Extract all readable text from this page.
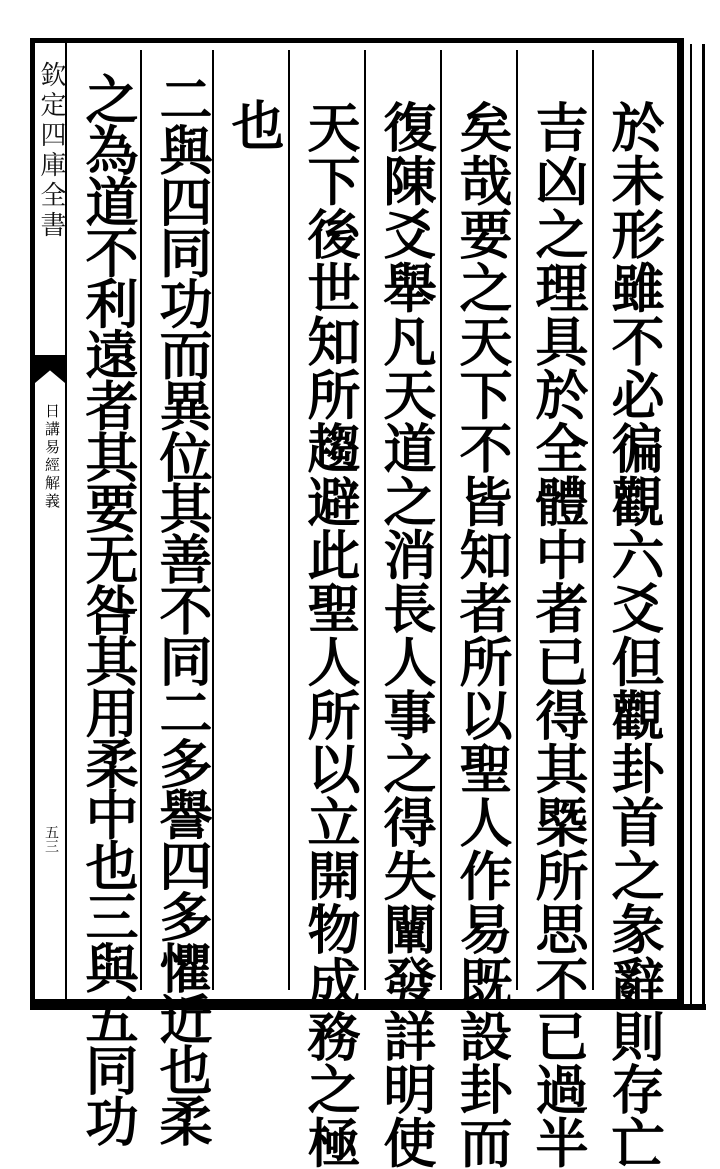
欽定四庫全書
日講易經解義
五三	於未形雖不必徧觀六爻但觀卦首之彖辭則存亡
吉凶之理具於全體中者已得其槩所思不已過半
矣哉要之天下不皆知者所以聖人作易既設卦而
復陳爻舉凡天道之消長人事之得失闡發詳明使
天下後世知所趨避此聖人所以立開物成務之極
也
二與四同功而異位其善不同二多譽四多懼近也柔
之為道不利遠者其要无咎其用柔中也三與五同功
